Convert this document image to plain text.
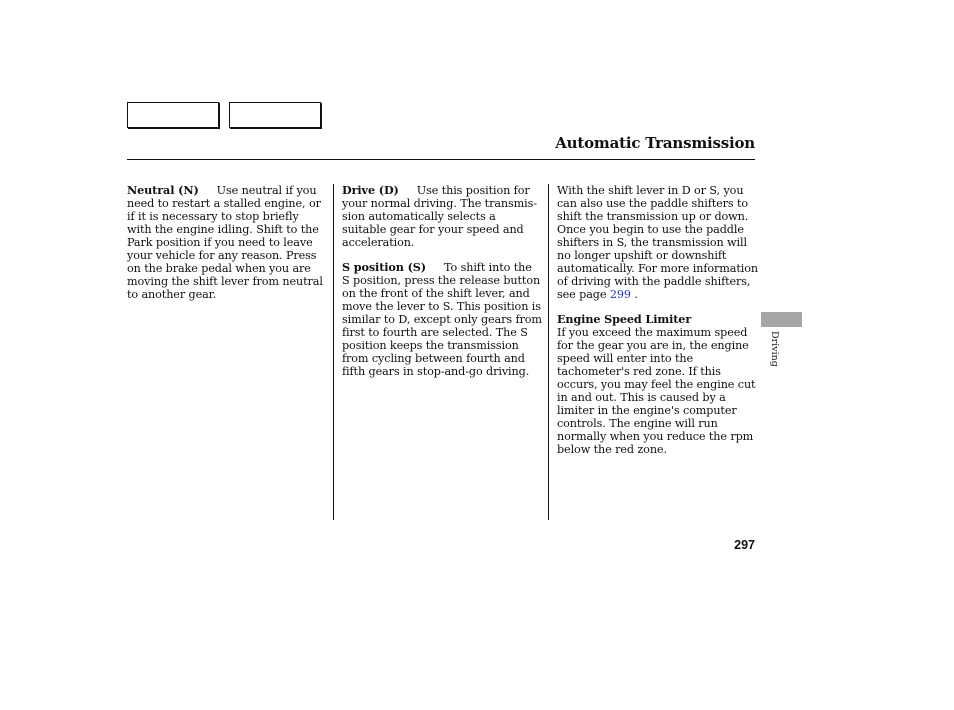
Automatic Transmission

Neutral (N) Use neutral if you need to restart a stalled engine, or if it is necessary to stop briefly with the engine idling. Shift to the Park position if you need to leave your vehicle for any reason. Press on the brake pedal when you are moving the shift lever from neutral to another gear.

Drive (D) Use this position for your normal driving. The transmis-sion automatically selects a suitable gear for your speed and acceleration.

S position (S) To shift into the S position, press the release button on the front of the shift lever, and move the lever to S. This position is similar to D, except only gears from first to fourth are selected. The S position keeps the transmission from cycling between fourth and fifth gears in stop-and-go driving.

With the shift lever in D or S, you can also use the paddle shifters to shift the transmission up or down. Once you begin to use the paddle shifters in S, the transmission will no longer upshift or downshift automatically. For more information of driving with the paddle shifters, see page 299 .

Engine Speed Limiter
If you exceed the maximum speed for the gear you are in, the engine speed will enter into the tachometer's red zone. If this occurs, you may feel the engine cut in and out. This is caused by a limiter in the engine's computer controls. The engine will run normally when you reduce the rpm below the red zone.
Driving
297
